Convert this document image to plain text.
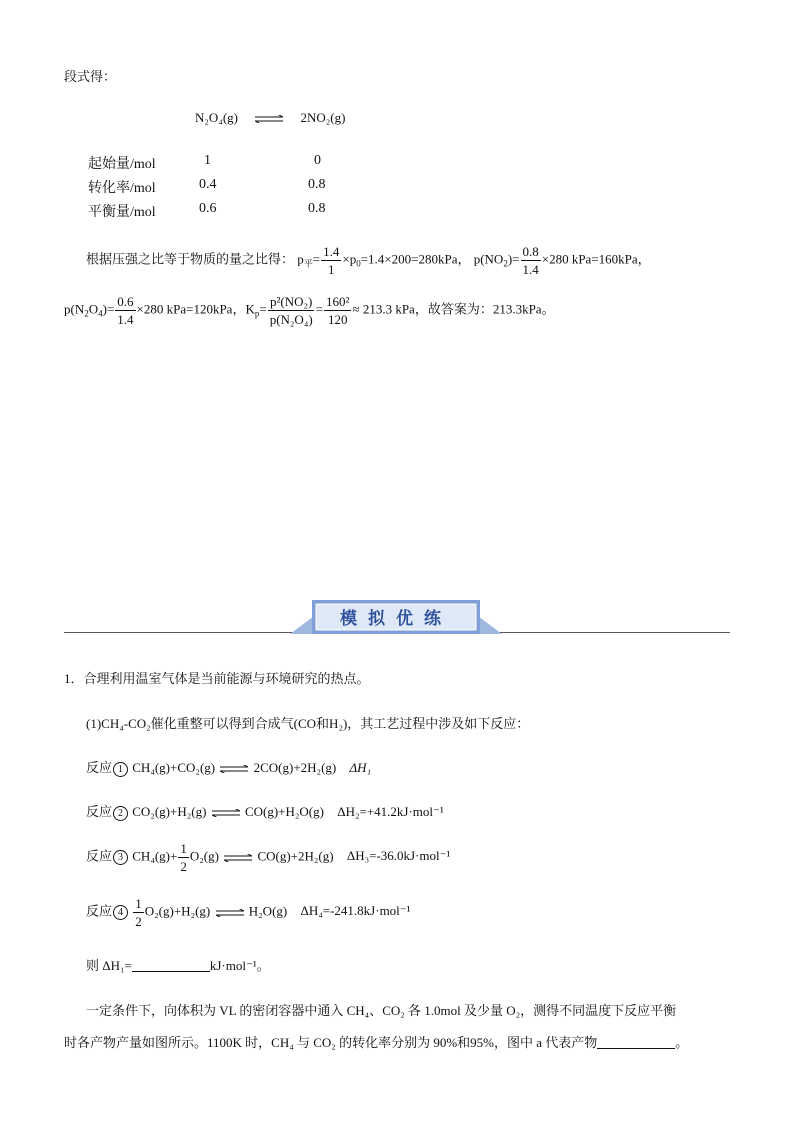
段式得：
N₂O₄(g) ⇌ 2NO₂(g)
起始量/mol	1	0
转化率/mol	0.4	0.8
平衡量/mol	0.6	0.8
根据压强之比等于物质的量之比得： $p_平= \frac{1.4}{1} \times p_0=1.4\times 200=280kPa$， $p(NO_2)= \frac{0.8}{1.4} \times 280$ kPa=160kPa，
$p(N_2O_4)= \frac{0.6}{1.4} \times 280$ kPa=120kPa，$K_p= \frac{\text{p²(NO₂)}}{\text{p(N₂O₄)}} = \frac{\text{160²}}{120} \approx 213.3$ kPa，故答案为：213.3kPa。
模拟优练
1．合理利用温室气体是当前能源与环境研究的热点。
(1)CH₄-CO₂催化重整可以得到合成气(CO和H₂)，其工艺过程中涉及如下反应：
反应 1 CH₄(g)+CO₂(g) ⇌ 2CO(g)+2H₂(g) ΔH₁
反应 2 CO₂(g)+H₂(g) ⇌ CO(g)+H₂O(g) ΔH₂=+41.2kJ·mol⁻¹
反应 3 $CH_4(g)+ \frac{1}{2} O_2(g)$ ⇌ CO(g)+2H₂(g) ΔH₃=-36.0kJ·mol⁻¹
反应 $4 \frac{1}{2} O_2(g)+H_2(g)$ ⇌ H₂O(g) ΔH₄=-241.8kJ·mol⁻¹
则 ΔH₁=	kJ·mol⁻¹。
一定条件下，向体积为 VL 的密闭容器中通入 CH₄、CO₂ 各 1.0mol 及少量 O₂，测得不同温度下反应平衡
时各产物产量如图所示。1100K 时，CH₄ 与 CO₂ 的转化率分别为 90%和95%，图中 a 代表产物	。
